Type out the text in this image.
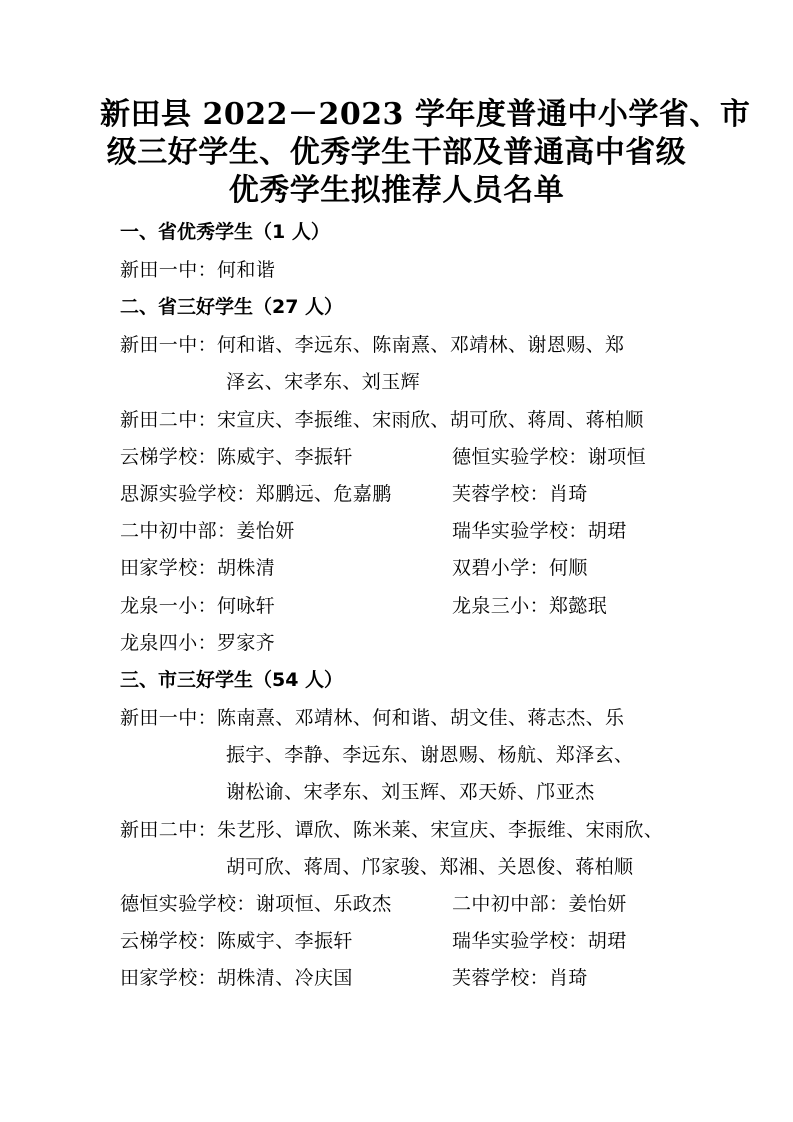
新田县 2022－2023 学年度普通中小学省、市
级三好学生、优秀学生干部及普通高中省级
优秀学生拟推荐人员名单
一、省优秀学生（1 人）
新田一中：何和谐
二、省三好学生（27 人）
新田一中：何和谐、李远东、陈南熹、邓靖林、谢恩赐、郑
泽玄、宋孝东、刘玉辉
新田二中：宋宣庆、李振维、宋雨欣、胡可欣、蒋周、蒋柏顺
云梯学校：陈威宇、李振轩	德恒实验学校：谢项恒
思源实验学校：郑鹏远、危嘉鹏	芙蓉学校：肖琦
二中初中部：姜怡妍	瑞华实验学校：胡珺
田家学校：胡株清	双碧小学：何顺
龙泉一小：何咏轩	龙泉三小：郑懿珉
龙泉四小：罗家齐
三、市三好学生（54 人）
新田一中：陈南熹、邓靖林、何和谐、胡文佳、蒋志杰、乐
振宇、李静、李远东、谢恩赐、杨航、郑泽玄、
谢松谕、宋孝东、刘玉辉、邓天娇、邝亚杰
新田二中：朱艺彤、谭欣、陈米莱、宋宣庆、李振维、宋雨欣、
胡可欣、蒋周、邝家骏、郑湘、关恩俊、蒋柏顺
德恒实验学校：谢项恒、乐政杰	二中初中部：姜怡妍
云梯学校：陈威宇、李振轩	瑞华实验学校：胡珺
田家学校：胡株清、冷庆国	芙蓉学校：肖琦
